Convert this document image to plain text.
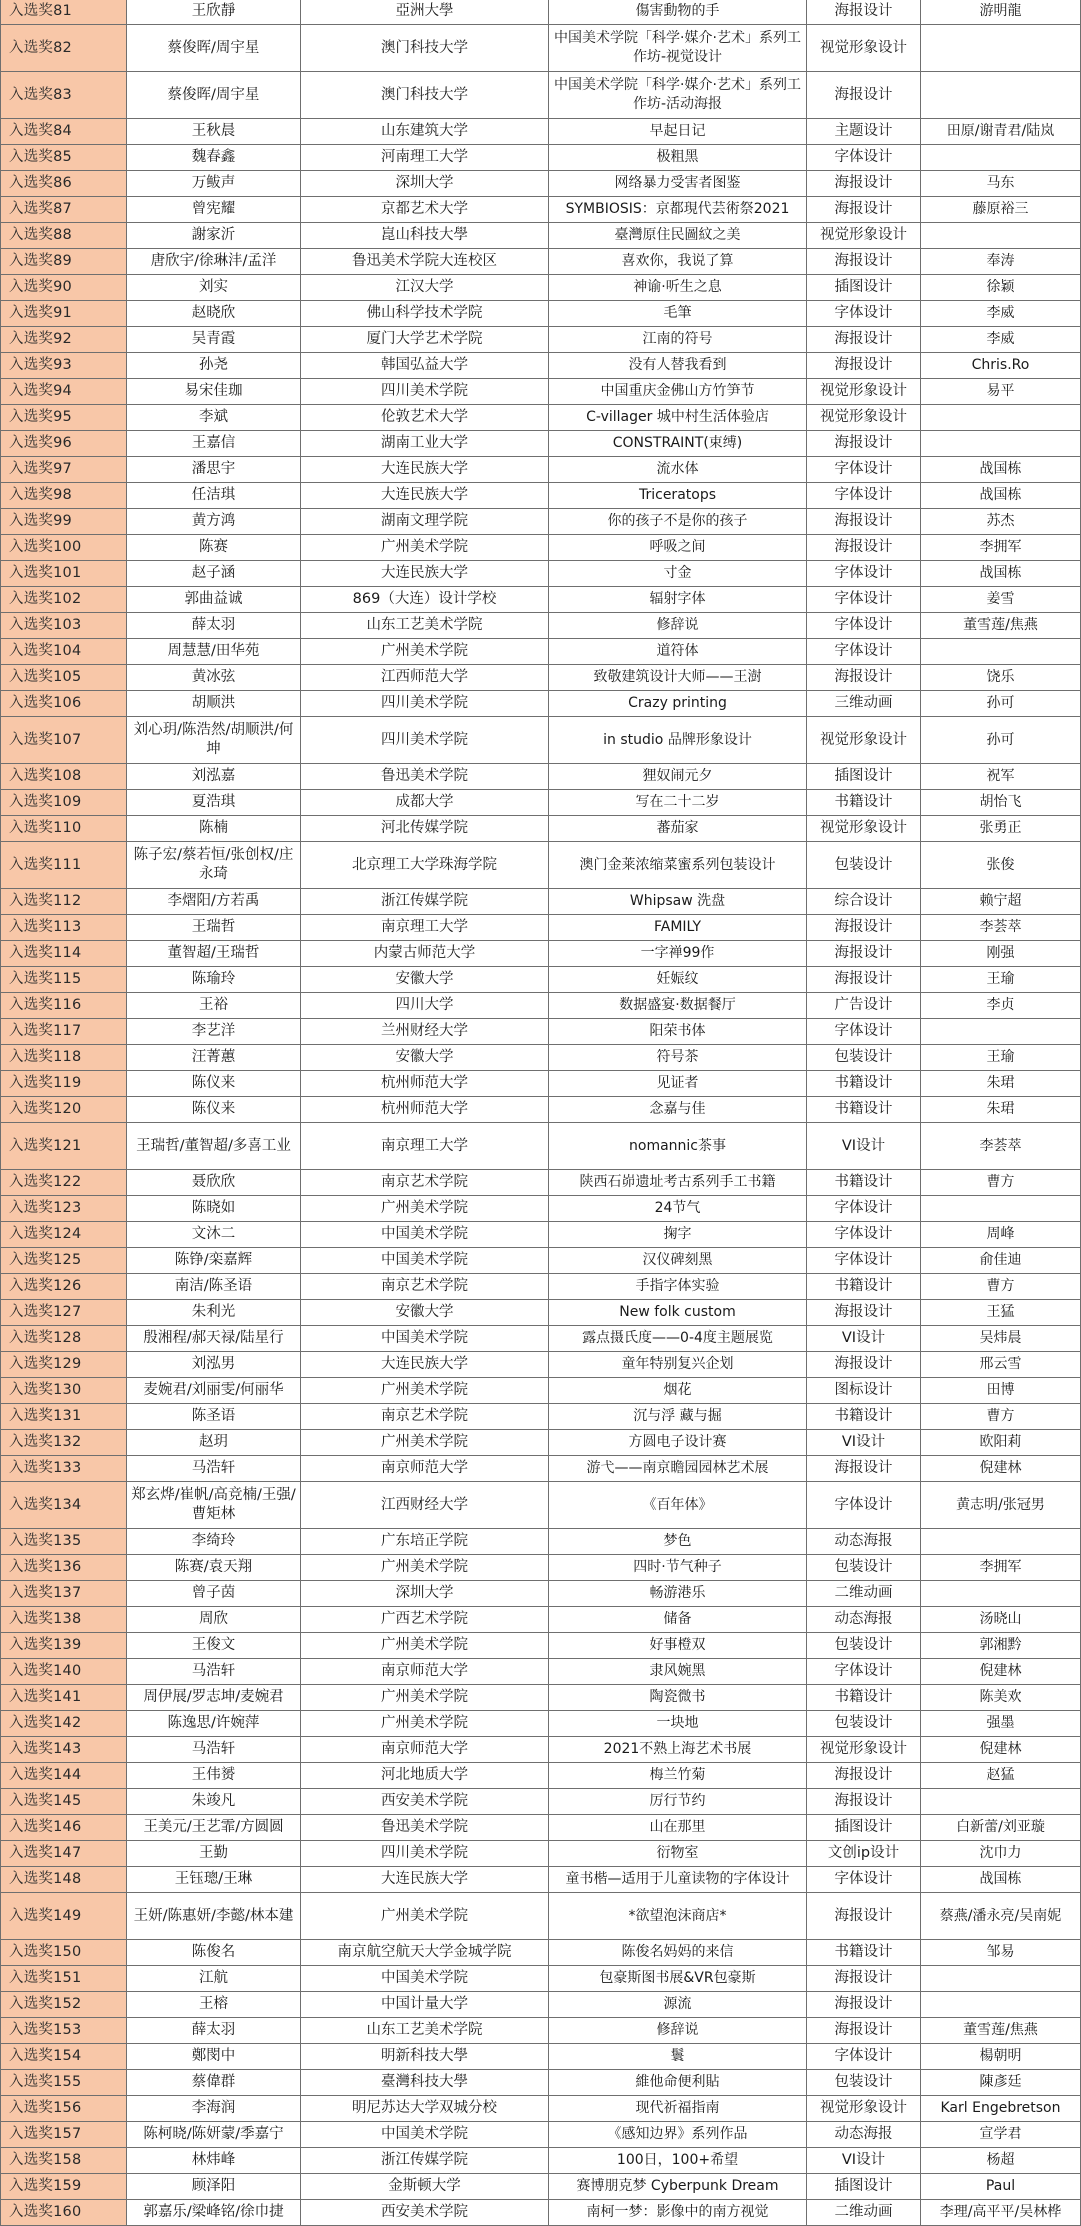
入选奖81	王欣靜	亞洲大學	傷害動物的手	海报设计	游明龍
入选奖82	蔡俊晖/周宇星	澳门科技大学	中国美术学院「科学·媒介·艺术」系列工作坊-视觉设计	视觉形象设计	
入选奖83	蔡俊晖/周宇星	澳门科技大学	中国美术学院「科学·媒介·艺术」系列工作坊-活动海报	海报设计	
入选奖84	王秋晨	山东建筑大学	早起日记	主题设计	田原/谢青君/陆岚
入选奖85	魏春鑫	河南理工大学	极粗黑	字体设计	
入选奖86	万鲅声	深圳大学	网络暴力受害者图鉴	海报设计	马东
入选奖87	曾宪耀	京都艺术大学	SYMBIOSIS：京都現代芸術祭2021	海报设计	藤原裕三
入选奖88	謝家沂	崑山科技大學	臺灣原住民圖紋之美	视觉形象设计	
入选奖89	唐欣宇/徐琳沣/孟洋	鲁迅美术学院大连校区	喜欢你，我说了算	海报设计	奉涛
入选奖90	刘实	江汉大学	神谕·听生之息	插图设计	徐颖
入选奖91	赵晓欣	佛山科学技术学院	毛筆	字体设计	李威
入选奖92	吴青霞	厦门大学艺术学院	江南的符号	海报设计	李威
入选奖93	孙尧	韩国弘益大学	没有人替我看到	海报设计	Chris.Ro
入选奖94	易宋佳珈	四川美术学院	中国重庆金佛山方竹笋节	视觉形象设计	易平
入选奖95	李斌	伦敦艺术大学	C-villager 城中村生活体验店	视觉形象设计	
入选奖96	王嘉信	湖南工业大学	CONSTRAINT(束缚)	海报设计	
入选奖97	潘思宇	大连民族大学	流水体	字体设计	战国栋
入选奖98	任洁琪	大连民族大学	Triceratops	字体设计	战国栋
入选奖99	黄方鸿	湖南文理学院	你的孩子不是你的孩子	海报设计	苏杰
入选奖100	陈赛	广州美术学院	呼吸之间	海报设计	李拥军
入选奖101	赵子涵	大连民族大学	寸金	字体设计	战国栋
入选奖102	郭曲益诚	869（大连）设计学校	辐射字体	字体设计	姜雪
入选奖103	薛太羽	山东工艺美术学院	修辞说	字体设计	董雪莲/焦燕
入选奖104	周慧慧/田华苑	广州美术学院	道符体	字体设计	
入选奖105	黄冰弦	江西师范大学	致敬建筑设计大师——王澍	海报设计	饶乐
入选奖106	胡顺洪	四川美术学院	Crazy printing	三维动画	孙可
入选奖107	刘心玥/陈浩然/胡顺洪/何坤	四川美术学院	in studio 品牌形象设计	视觉形象设计	孙可
入选奖108	刘泓嘉	鲁迅美术学院	狸奴闹元夕	插图设计	祝军
入选奖109	夏浩琪	成都大学	写在二十二岁	书籍设计	胡怡飞
入选奖110	陈楠	河北传媒学院	蕃茄家	视觉形象设计	张勇正
入选奖111	陈子宏/蔡若恒/张创权/庄永琦	北京理工大学珠海学院	澳门金莱浓缩菜蜜系列包装设计	包装设计	张俊
入选奖112	李熠阳/方若禹	浙江传媒学院	Whipsaw 洗盘	综合设计	赖宁超
入选奖113	王瑞哲	南京理工大学	FAMILY	海报设计	李荟萃
入选奖114	董智超/王瑞哲	内蒙古师范大学	一字禅99作	海报设计	刚强
入选奖115	陈瑜玲	安徽大学	妊娠纹	海报设计	王瑜
入选奖116	王裕	四川大学	数据盛宴·数据餐厅	广告设计	李贞
入选奖117	李艺洋	兰州财经大学	阳荣书体	字体设计	
入选奖118	汪菁蕙	安徽大学	符号茶	包装设计	王瑜
入选奖119	陈仪来	杭州师范大学	见证者	书籍设计	朱珺
入选奖120	陈仪来	杭州师范大学	念嘉与佳	书籍设计	朱珺
入选奖121	王瑞哲/董智超/多喜工业	南京理工大学	nomannic茶事	VI设计	李荟萃
入选奖122	聂欣欣	南京艺术学院	陕西石峁遗址考古系列手工书籍	书籍设计	曹方
入选奖123	陈晓如	广州美术学院	24节气	字体设计	
入选奖124	文沐二	中国美术学院	掬字	字体设计	周峰
入选奖125	陈铮/栾嘉辉	中国美术学院	汉仪碑刻黑	字体设计	俞佳迪
入选奖126	南洁/陈圣语	南京艺术学院	手指字体实验	书籍设计	曹方
入选奖127	朱利光	安徽大学	New folk custom	海报设计	王猛
入选奖128	殷湘程/郝天禄/陆星行	中国美术学院	露点摄氏度——0-4度主题展览	VI设计	吴炜晨
入选奖129	刘泓男	大连民族大学	童年特别复兴企划	海报设计	邢云雪
入选奖130	麦婉君/刘丽雯/何丽华	广州美术学院	烟花	图标设计	田博
入选奖131	陈圣语	南京艺术学院	沉与浮 藏与掘	书籍设计	曹方
入选奖132	赵玥	广州美术学院	方圆电子设计赛	VI设计	欧阳莉
入选奖133	马浩轩	南京师范大学	游弋——南京瞻园园林艺术展	海报设计	倪建林
入选奖134	郑玄烨/崔帆/高竞楠/王强/曹矩林	江西财经大学	《百年体》	字体设计	黄志明/张冠男
入选奖135	李绮玲	广东培正学院	梦色	动态海报	
入选奖136	陈赛/袁天翔	广州美术学院	四时·节气种子	包装设计	李拥军
入选奖137	曾子茵	深圳大学	畅游港乐	二维动画	
入选奖138	周欣	广西艺术学院	储备	动态海报	汤晓山
入选奖139	王俊文	广州美术学院	好事橙双	包装设计	郭湘黔
入选奖140	马浩轩	南京师范大学	隶风婉黑	字体设计	倪建林
入选奖141	周伊展/罗志坤/麦婉君	广州美术学院	陶瓷微书	书籍设计	陈美欢
入选奖142	陈逸思/许婉萍	广州美术学院	一块地	包装设计	强墨
入选奖143	马浩轩	南京师范大学	2021不熟上海艺术书展	视觉形象设计	倪建林
入选奖144	王伟赟	河北地质大学	梅兰竹菊	海报设计	赵猛
入选奖145	朱竣凡	西安美术学院	厉行节约	海报设计	
入选奖146	王美元/王艺霏/方圆圆	鲁迅美术学院	山在那里	插图设计	白新蕾/刘亚璇
入选奖147	王勤	四川美术学院	衍物室	文创ip设计	沈巾力
入选奖148	王钰璁/王琳	大连民族大学	童书楷—适用于儿童读物的字体设计	字体设计	战国栋
入选奖149	王妍/陈惠妍/李懿/林本建	广州美术学院	*欲望泡沫商店*	海报设计	蔡燕/潘永亮/吴南妮
入选奖150	陈俊名	南京航空航天大学金城学院	陈俊名妈妈的来信	书籍设计	邹易
入选奖151	江航	中国美术学院	包豪斯图书展&VR包豪斯	海报设计	
入选奖152	王榕	中国计量大学	源流	海报设计	
入选奖153	薛太羽	山东工艺美术学院	修辞说	海报设计	董雪莲/焦燕
入选奖154	鄭閔中	明新科技大學	鬟	字体设计	楊朝明
入选奖155	蔡偉群	臺灣科技大學	維他命便利貼	包装设计	陳彥廷
入选奖156	李海润	明尼苏达大学双城分校	现代祈福指南	视觉形象设计	Karl Engebretson
入选奖157	陈柯晓/陈妍蒙/季嘉宁	中国美术学院	《感知边界》系列作品	动态海报	宣学君
入选奖158	林炜峰	浙江传媒学院	100日，100+希望	VI设计	杨超
入选奖159	顾泽阳	金斯顿大学	赛博朋克梦 Cyberpunk Dream	插图设计	Paul
入选奖160	郭嘉乐/梁峰铭/徐巾捷	西安美术学院	南柯一梦：影像中的南方视觉	二维动画	李理/高平平/吴林桦
